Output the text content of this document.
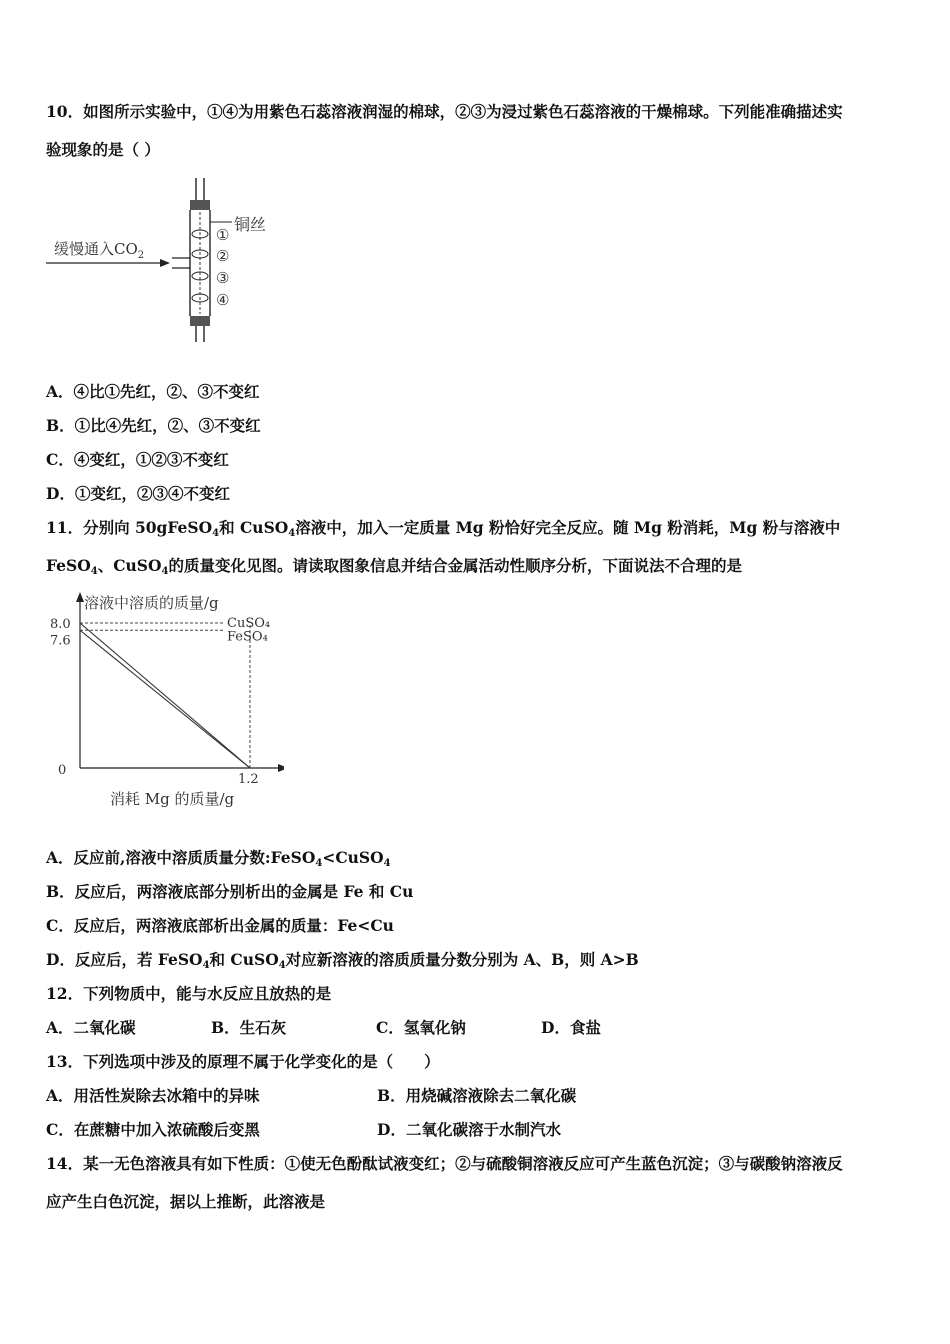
10．如图所示实验中，①④为用紫色石蕊溶液润湿的棉球，②③为浸过紫色石蕊溶液的干燥棉球。下列能准确描述实
验现象的是（ ）
缓慢通入$CO_2$
铜丝
①
②
③
④
A．④比①先红，②、③不变红
B．①比④先红，②、③不变红
C．④变红，①②③不变红
D．①变红，②③④不变红
11．分别向 50gFeSO$_4$和 CuSO$_4$溶液中，加入一定质量 Mg 粉恰好完全反应。随 Mg 粉消耗，Mg 粉与溶液中
FeSO$_4$、CuSO$_4$的质量变化见图。请读取图象信息并结合金属活动性顺序分析，下面说法不合理的是
CuSO₄
FeSO₄
8.0
7.6
1.2
0
溶液中溶质的质量/g
消耗 Mg 的质量/g
A．反应前,溶液中溶质质量分数:FeSO$_4$<CuSO$_4$
B．反应后，两溶液底部分别析出的金属是 Fe 和 Cu
C．反应后，两溶液底部析出金属的质量：Fe<Cu
D．反应后，若 FeSO$_4$和 CuSO$_4$对应新溶液的溶质质量分数分别为 A、B，则 A>B
12．下列物质中，能与水反应且放热的是
A．二氧化碳	B．生石灰	C．氢氧化钠	D．食盐
13．下列选项中涉及的原理不属于化学变化的是（　　）
A．用活性炭除去冰箱中的异味	B．用烧碱溶液除去二氧化碳
C．在蔗糖中加入浓硫酸后变黑	D．二氧化碳溶于水制汽水
14．某一无色溶液具有如下性质：①使无色酚酞试液变红；②与硫酸铜溶液反应可产生蓝色沉淀；③与碳酸钠溶液反
应产生白色沉淀，据以上推断，此溶液是
